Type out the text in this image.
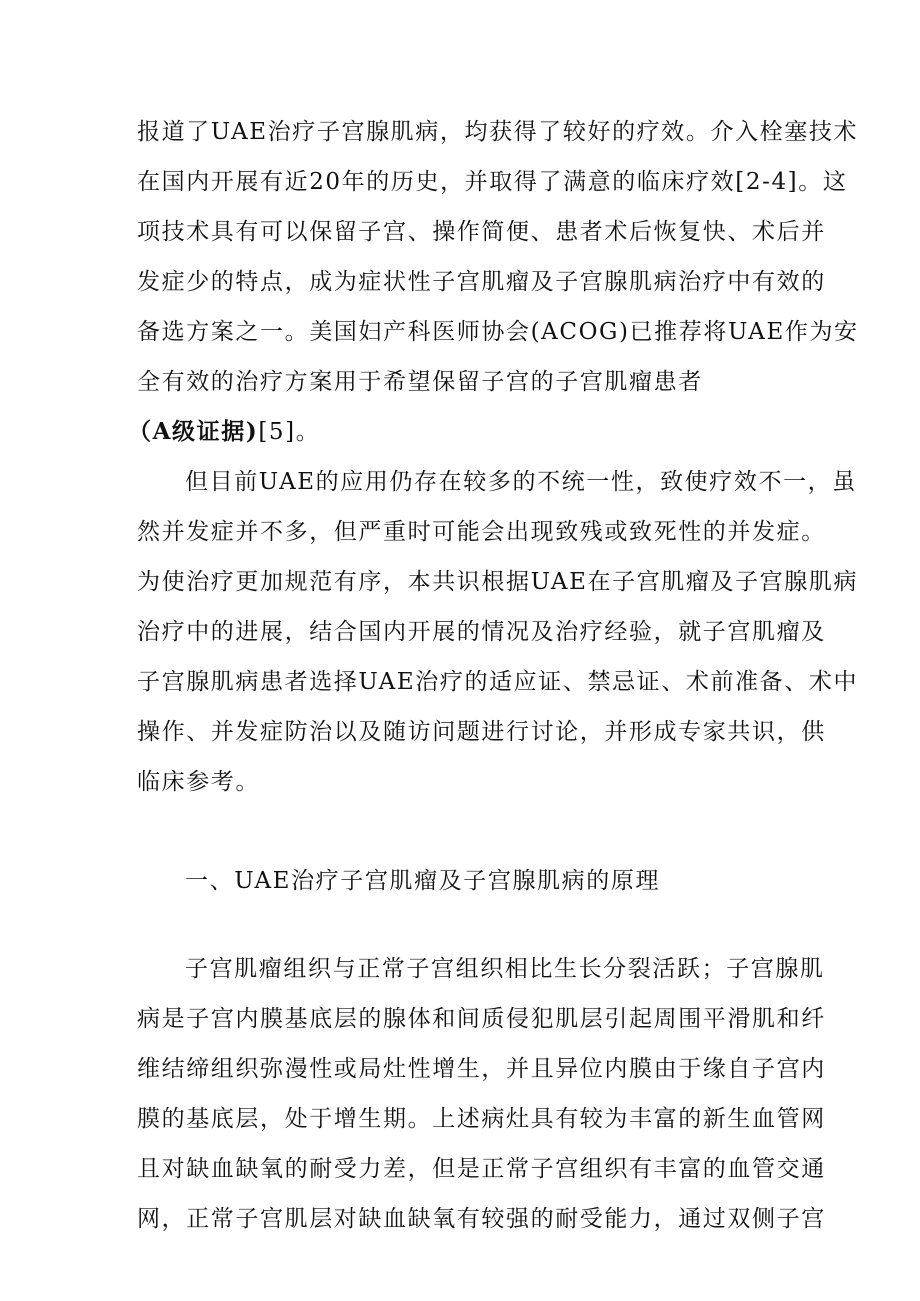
报道了UAE治疗子宫腺肌病，均获得了较好的疗效。介入栓塞技术
在国内开展有近20年的历史，并取得了满意的临床疗效[2-4]。这
项技术具有可以保留子宫、操作简便、患者术后恢复快、术后并
发症少的特点，成为症状性子宫肌瘤及子宫腺肌病治疗中有效的
备选方案之一。美国妇产科医师协会(ACOG)已推荐将UAE作为安
全有效的治疗方案用于希望保留子宫的子宫肌瘤患者
（A级证据)[5]。
但目前UAE的应用仍存在较多的不统一性，致使疗效不一，虽
然并发症并不多，但严重时可能会出现致残或致死性的并发症。
为使治疗更加规范有序，本共识根据UAE在子宫肌瘤及子宫腺肌病
治疗中的进展，结合国内开展的情况及治疗经验，就子宫肌瘤及
子宫腺肌病患者选择UAE治疗的适应证、禁忌证、术前准备、术中
操作、并发症防治以及随访问题进行讨论，并形成专家共识，供
临床参考。
一、UAE治疗子宫肌瘤及子宫腺肌病的原理
子宫肌瘤组织与正常子宫组织相比生长分裂活跃；子宫腺肌
病是子宫内膜基底层的腺体和间质侵犯肌层引起周围平滑肌和纤
维结缔组织弥漫性或局灶性增生，并且异位内膜由于缘自子宫内
膜的基底层，处于增生期。上述病灶具有较为丰富的新生血管网
且对缺血缺氧的耐受力差，但是正常子宫组织有丰富的血管交通
网，正常子宫肌层对缺血缺氧有较强的耐受能力，通过双侧子宫
